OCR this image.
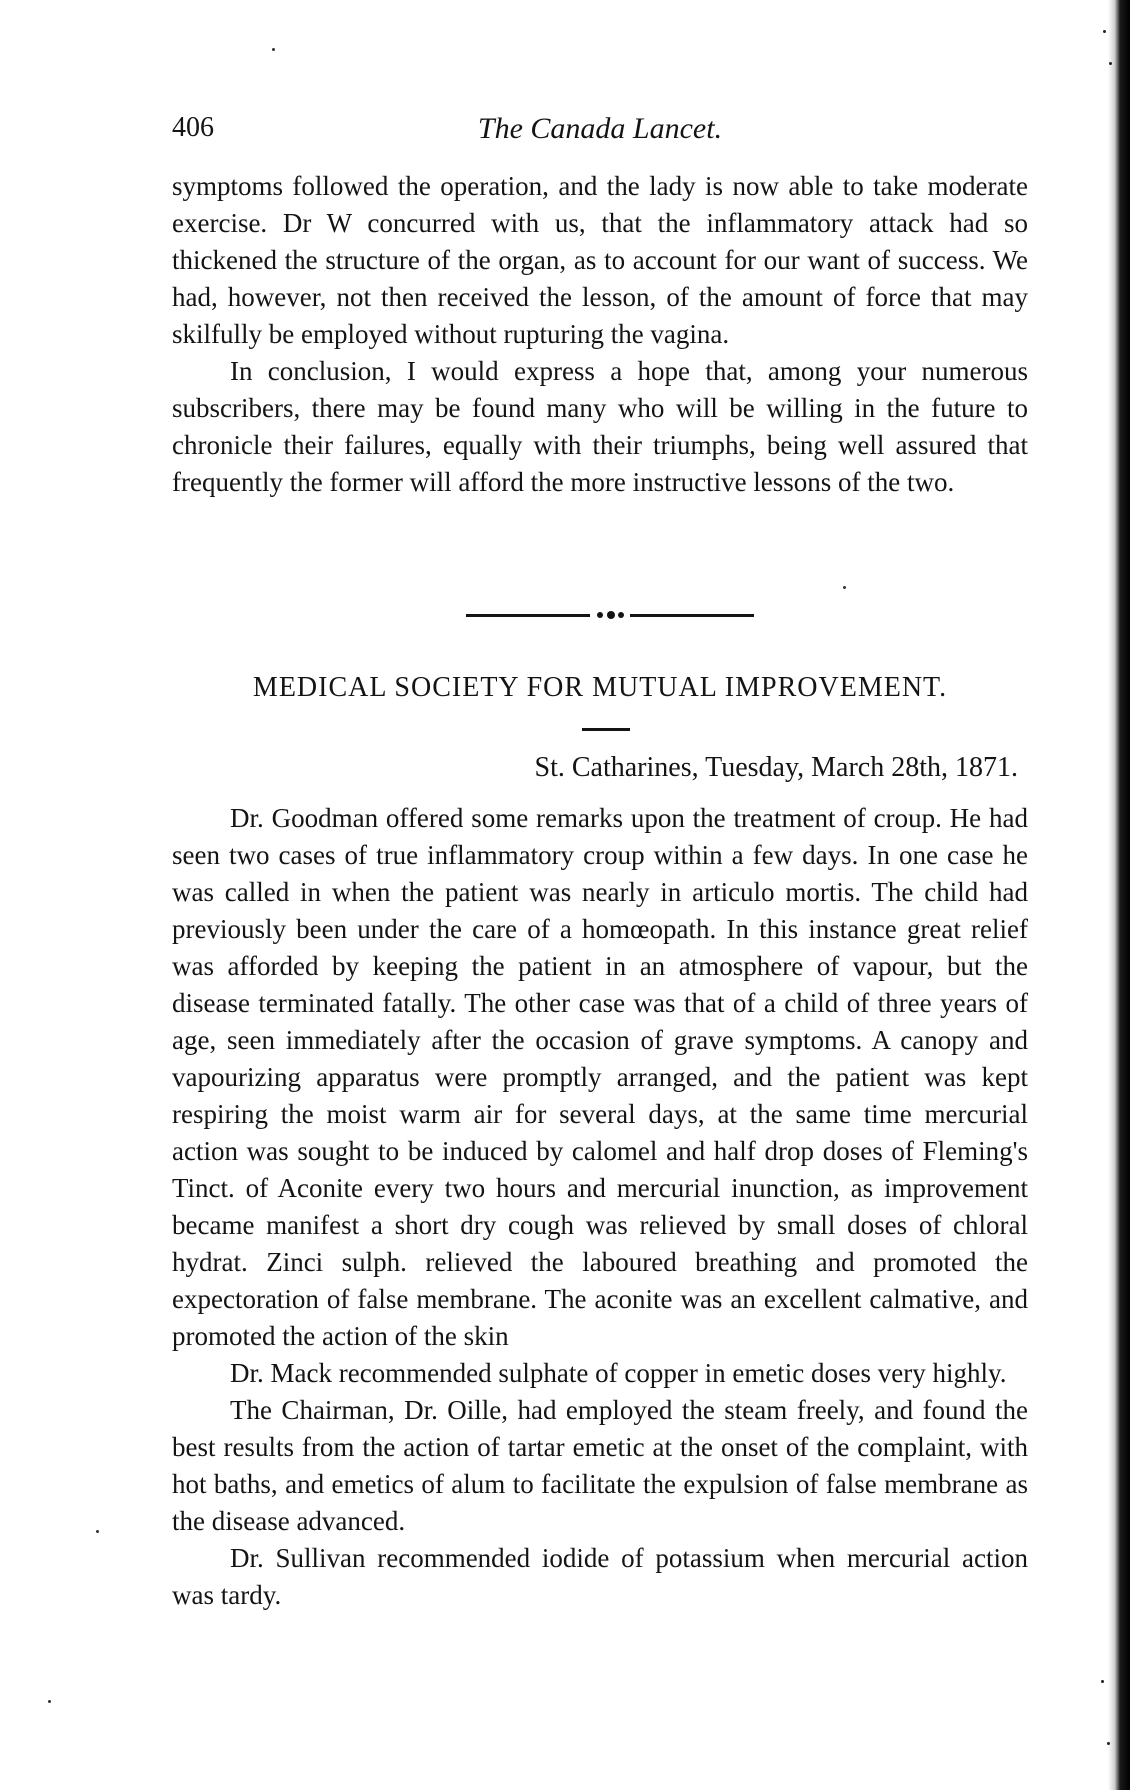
406	The Canada Lancet.

symptoms followed the operation, and the lady is now able to take moderate exercise. Dr W concurred with us, that the inflammatory attack had so thickened the structure of the organ, as to account for our want of success. We had, however, not then received the lesson, of the amount of force that may skilfully be employed without rupturing the vagina.

In conclusion, I would express a hope that, among your numerous subscribers, there may be found many who will be willing in the future to chronicle their failures, equally with their triumphs, being well assured that frequently the former will afford the more instructive lessons of the two.

MEDICAL SOCIETY FOR MUTUAL IMPROVEMENT.
St. Catharines, Tuesday, March 28th, 1871.

Dr. Goodman offered some remarks upon the treatment of croup. He had seen two cases of true inflammatory croup within a few days. In one case he was called in when the patient was nearly in articulo mortis. The child had previously been under the care of a homœopath. In this instance great relief was afforded by keeping the patient in an atmosphere of vapour, but the disease terminated fatally. The other case was that of a child of three years of age, seen immediately after the occasion of grave symptoms. A canopy and vapourizing apparatus were promptly arranged, and the patient was kept respiring the moist warm air for several days, at the same time mercurial action was sought to be induced by calomel and half drop doses of Fleming's Tinct. of Aconite every two hours and mercurial inunction, as improvement became manifest a short dry cough was relieved by small doses of chloral hydrat. Zinci sulph. relieved the laboured breathing and promoted the expectoration of false membrane. The aconite was an excellent calmative, and promoted the action of the skin

Dr. Mack recommended sulphate of copper in emetic doses very highly.

The Chairman, Dr. Oille, had employed the steam freely, and found the best results from the action of tartar emetic at the onset of the complaint, with hot baths, and emetics of alum to facilitate the expulsion of false membrane as the disease advanced.

Dr. Sullivan recommended iodide of potassium when mercurial action was tardy.
